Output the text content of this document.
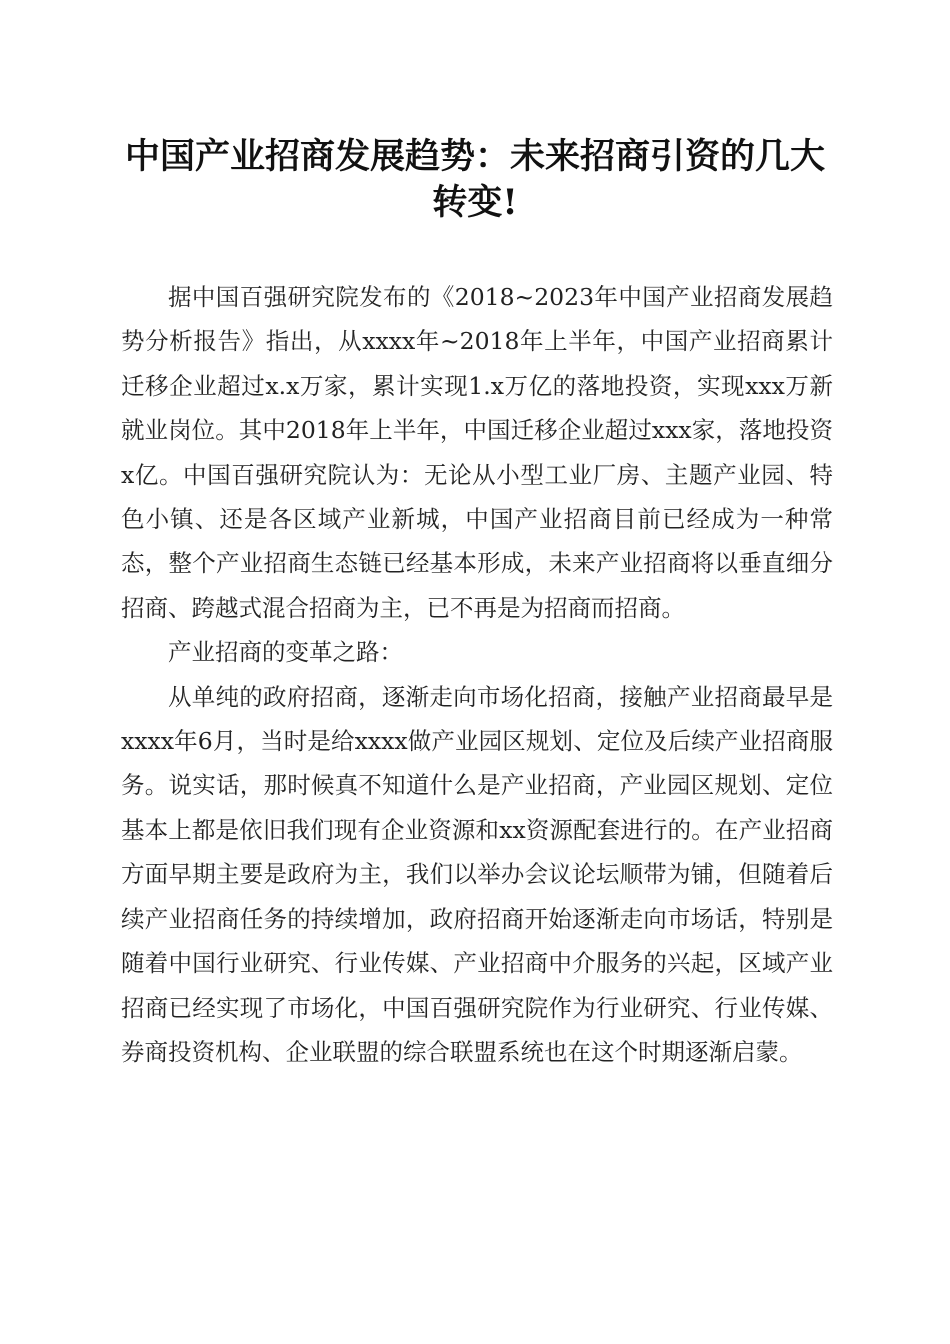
中国产业招商发展趋势：未来招商引资的几大转变!

据中国百强研究院发布的《2018~2023年中国产业招商发展趋势分析报告》指出，从xxxx年~2018年上半年，中国产业招商累计迁移企业超过x.x万家，累计实现1.x万亿的落地投资，实现xxx万新就业岗位。其中2018年上半年，中国迁移企业超过xxx家，落地投资x亿。中国百强研究院认为：无论从小型工业厂房、主题产业园、特色小镇、还是各区域产业新城，中国产业招商目前已经成为一种常态，整个产业招商生态链已经基本形成，未来产业招商将以垂直细分招商、跨越式混合招商为主，已不再是为招商而招商。

产业招商的变革之路：

从单纯的政府招商，逐渐走向市场化招商，接触产业招商最早是xxxx年6月，当时是给xxxx做产业园区规划、定位及后续产业招商服务。说实话，那时候真不知道什么是产业招商，产业园区规划、定位基本上都是依旧我们现有企业资源和xx资源配套进行的。在产业招商方面早期主要是政府为主，我们以举办会议论坛顺带为铺，但随着后续产业招商任务的持续增加，政府招商开始逐渐走向市场话，特别是随着中国行业研究、行业传媒、产业招商中介服务的兴起，区域产业招商已经实现了市场化，中国百强研究院作为行业研究、行业传媒、券商投资机构、企业联盟的综合联盟系统也在这个时期逐渐启蒙。
